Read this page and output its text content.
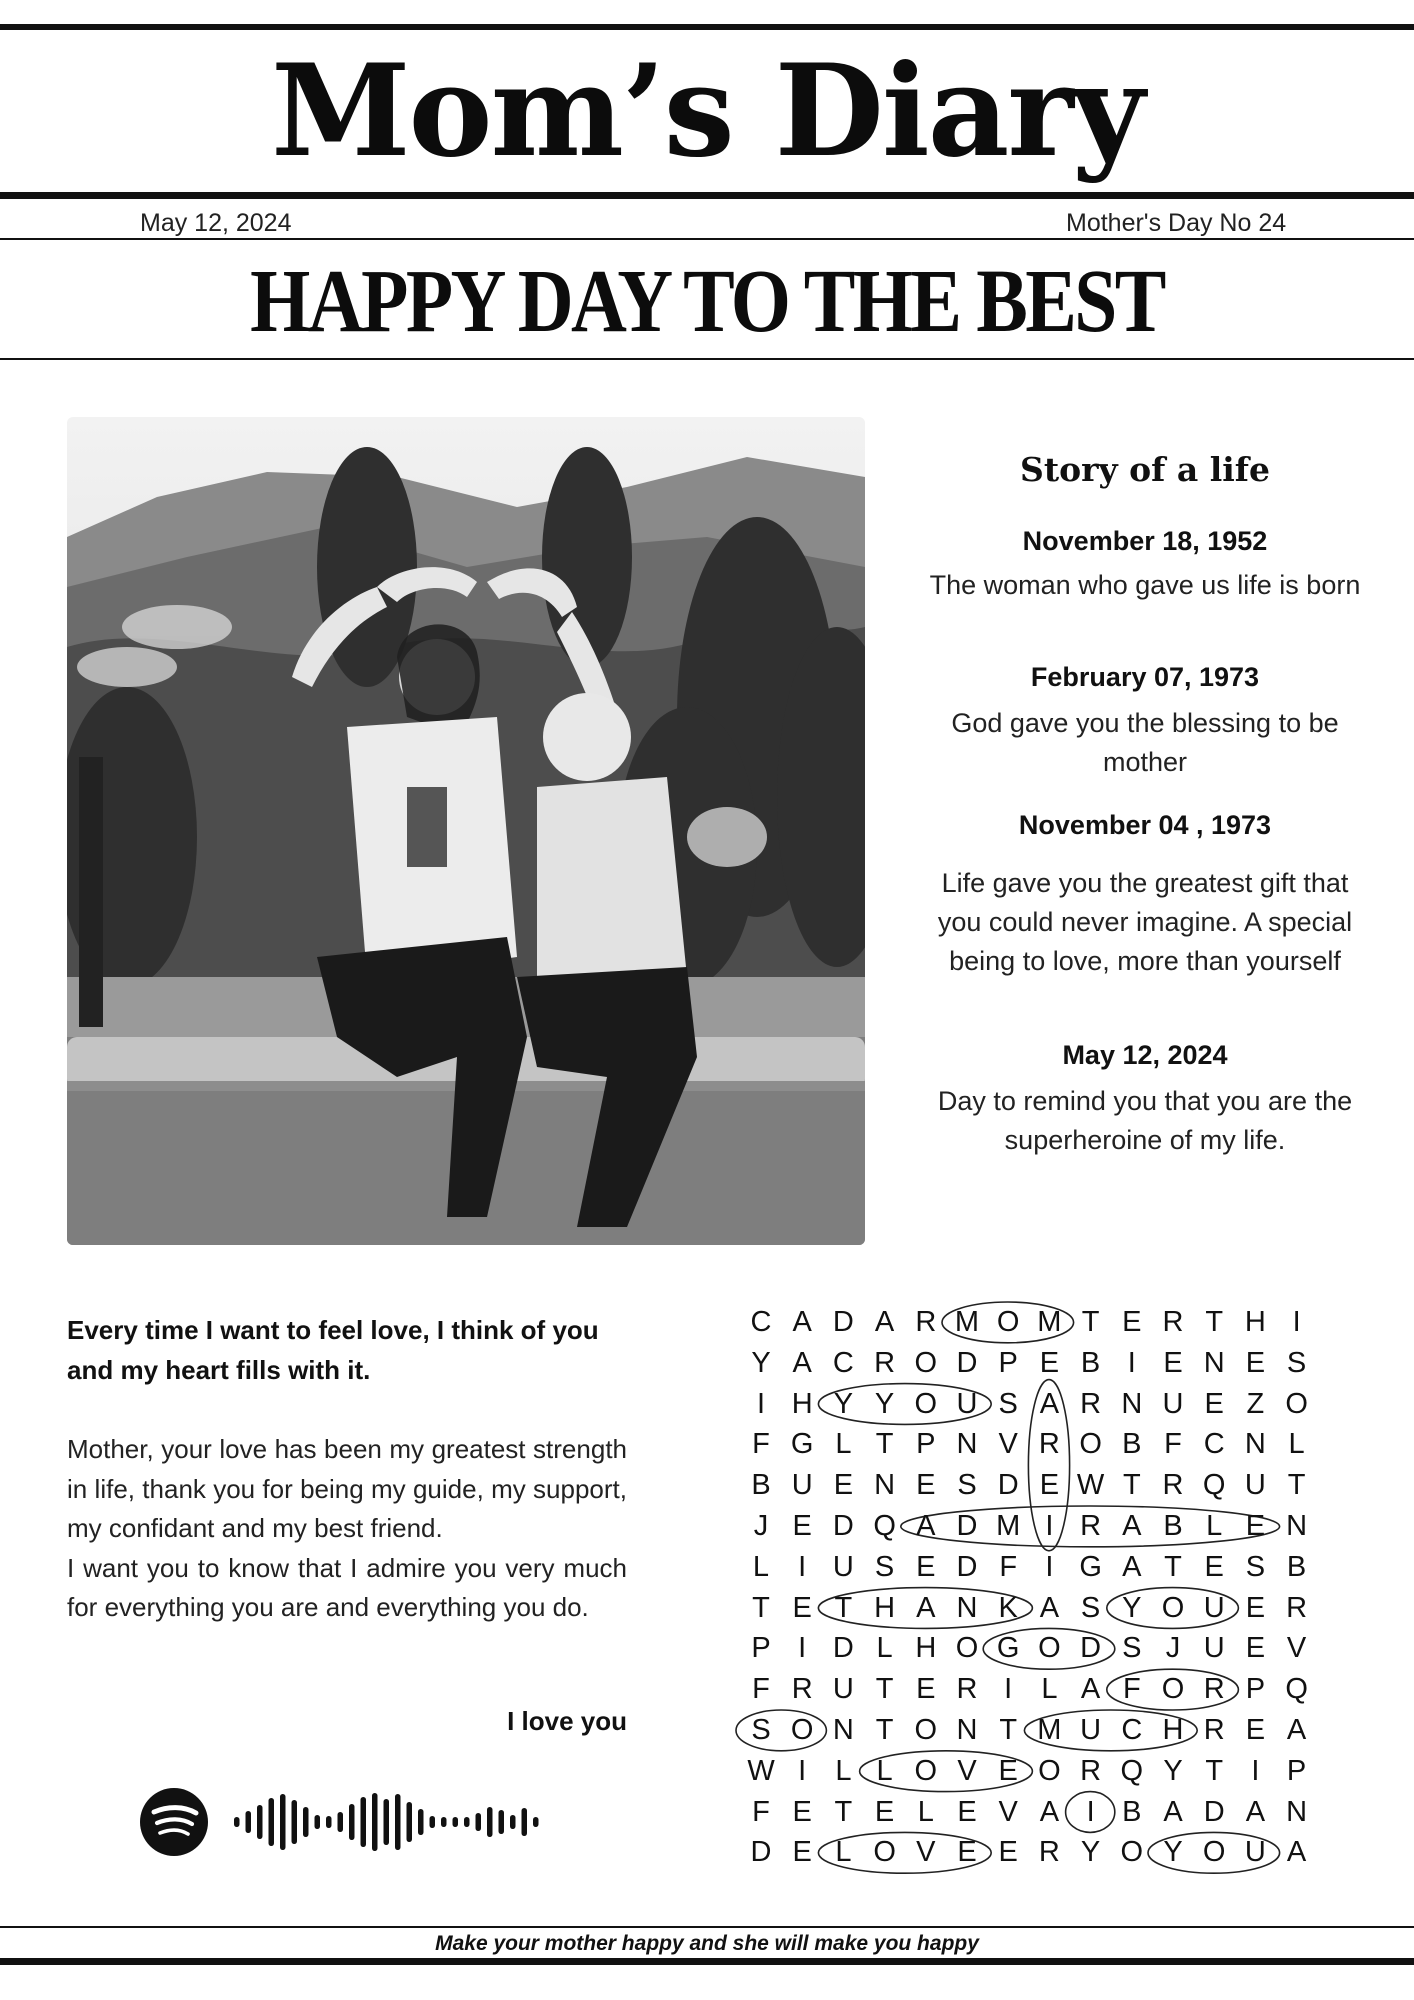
Mom’s Diary
May 12, 2024	Mother's Day No 24
HAPPY DAY TO THE BEST
Story of a life
November 18, 1952
The woman who gave us life is born
February 07, 1973
God gave you the blessing to be mother
November 04 , 1973
Life gave you the greatest gift that you could never imagine. A special being to love, more than yourself
May 12, 2024
Day to remind you that you are the superheroine of my life.
Every time I want to feel love, I think of you and my heart fills with it.

Mother, your love has been my greatest strength in life, thank you for being my guide, my support, my confidant and my best friend.

I want you to know that I admire you very much for everything you are and everything you do.

I love you
C A D A R M O M T E R T H I
Y A C R O D P E B I E N E S
I H Y Y O U S A R N U E Z O
F G L T P N V R O B F C N L
B U E N E S D E W T R Q U T
J E D Q A D M I R A B L E N
L	I U S E D F I G A T E S B
T E T H A N K A S Y O U E R
P I D L H O G O D S J U E V
F R U T E R I	L A F O R P Q
S O N T O N T M U C H R E A
W I	L L O V E O R Q Y T I P
F E T E L E V A I B A D A N
D E L O V E E R Y O Y O U A
Make your mother happy and she will make you happy
